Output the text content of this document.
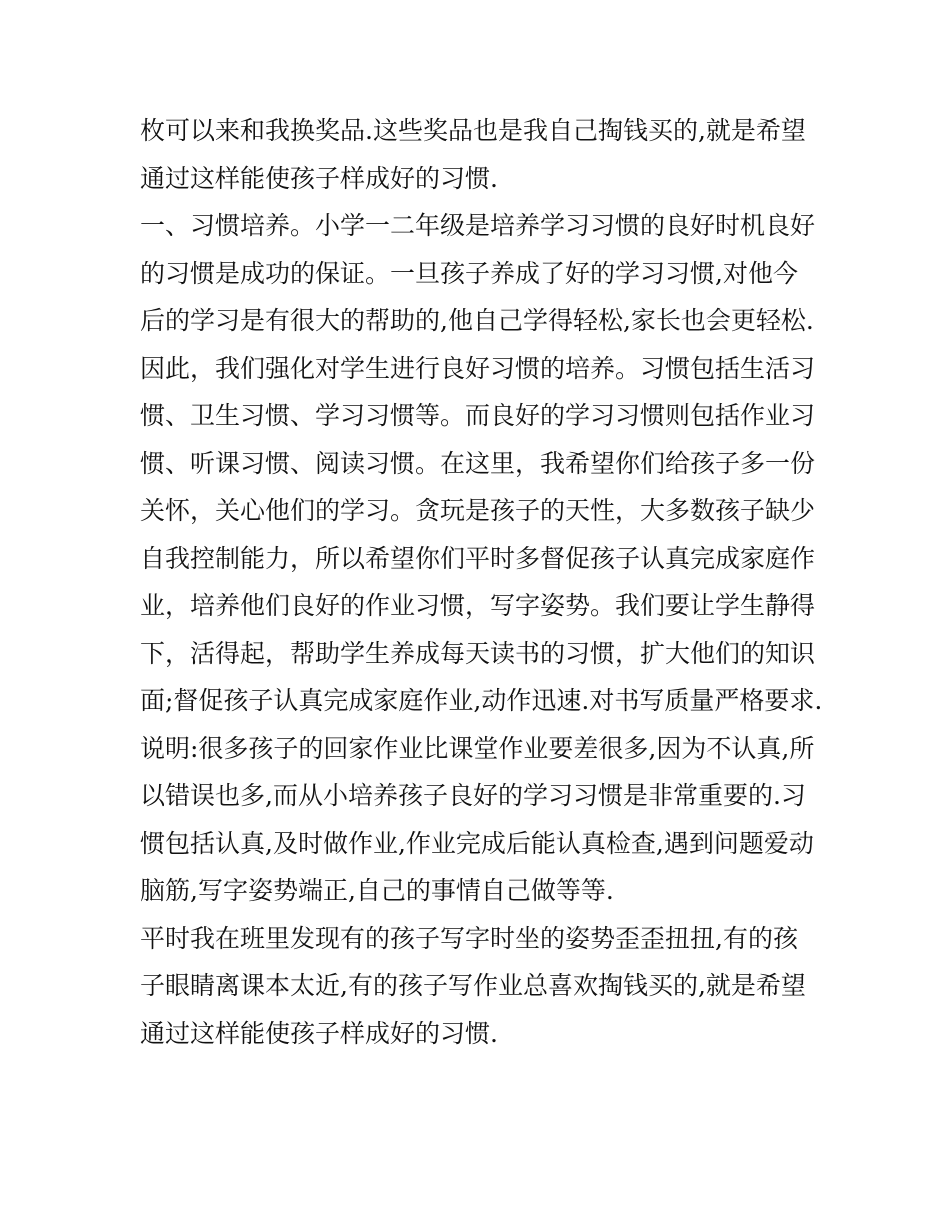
枚可以来和我换奖品.这些奖品也是我自己掏钱买的,就是希望
通过这样能使孩子样成好的习惯.
一、习惯培养。小学一二年级是培养学习习惯的良好时机良好
的习惯是成功的保证。一旦孩子养成了好的学习习惯,对他今
后的学习是有很大的帮助的,他自己学得轻松,家长也会更轻松.
因此，我们强化对学生进行良好习惯的培养。习惯包括生活习
惯、卫生习惯、学习习惯等。而良好的学习习惯则包括作业习
惯、听课习惯、阅读习惯。在这里，我希望你们给孩子多一份
关怀，关心他们的学习。贪玩是孩子的天性，大多数孩子缺少
自我控制能力，所以希望你们平时多督促孩子认真完成家庭作
业，培养他们良好的作业习惯，写字姿势。我们要让学生静得
下，活得起，帮助学生养成每天读书的习惯，扩大他们的知识
面;督促孩子认真完成家庭作业,动作迅速.对书写质量严格要求.
说明:很多孩子的回家作业比课堂作业要差很多,因为不认真,所
以错误也多,而从小培养孩子良好的学习习惯是非常重要的.习
惯包括认真,及时做作业,作业完成后能认真检查,遇到问题爱动
脑筋,写字姿势端正,自己的事情自己做等等.
平时我在班里发现有的孩子写字时坐的姿势歪歪扭扭,有的孩
子眼睛离课本太近,有的孩子写作业总喜欢掏钱买的,就是希望
通过这样能使孩子样成好的习惯.
